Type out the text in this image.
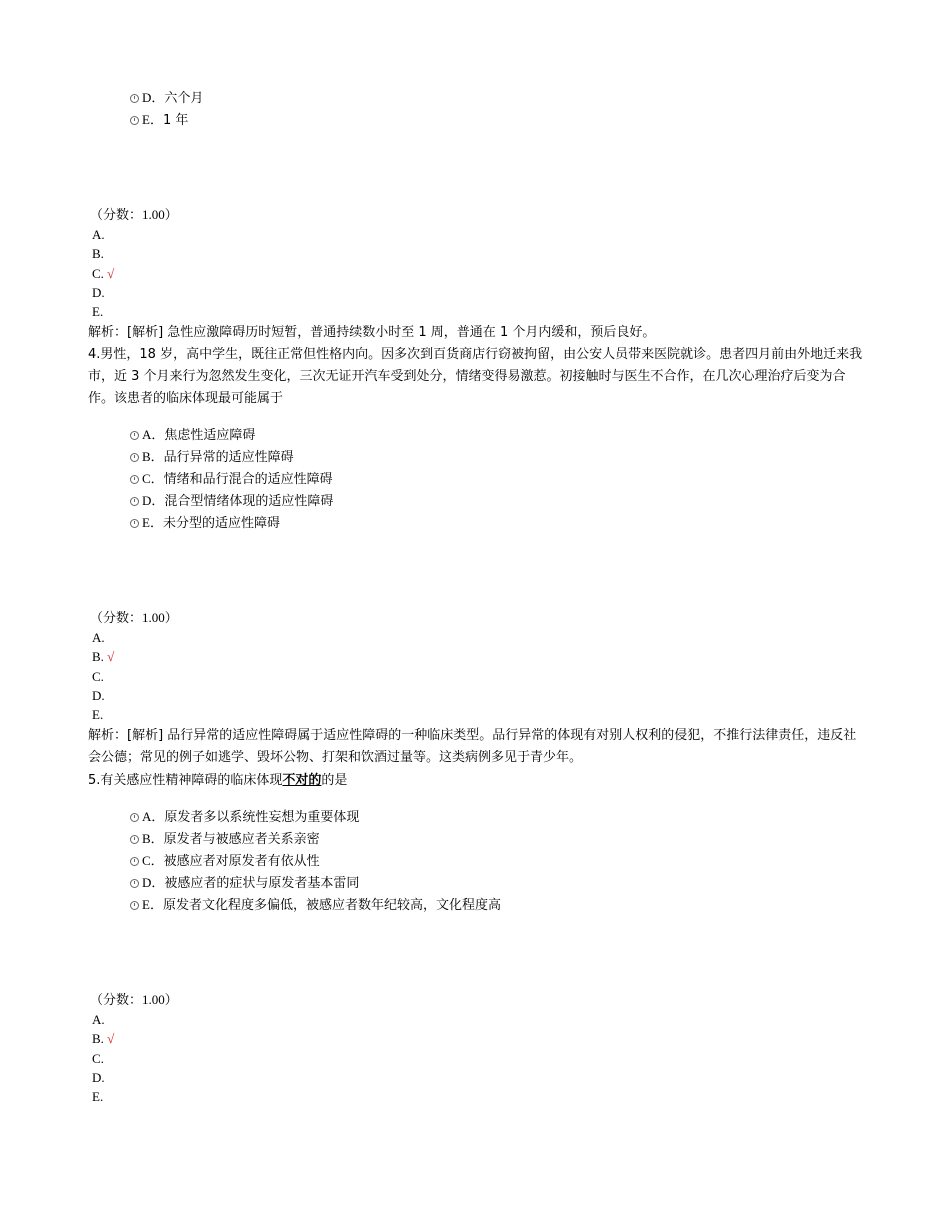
D．六个月
E．1 年
（分数：1.00）
A.
B.
C. √
D.
E.
解析：[解析] 急性应激障碍历时短暂，普通持续数小时至 1 周，普通在 1 个月内缓和，预后良好。
4.男性，18 岁，高中学生，既往正常但性格内向。因多次到百货商店行窃被拘留，由公安人员带来医院就诊。患者四月前由外地迁来我市，近 3 个月来行为忽然发生变化，三次无证开汽车受到处分，情绪变得易激惹。初接触时与医生不合作，在几次心理治疗后变为合作。该患者的临床体现最可能属于
A．焦虑性适应障碍
B．品行异常的适应性障碍
C．情绪和品行混合的适应性障碍
D．混合型情绪体现的适应性障碍
E．未分型的适应性障碍
（分数：1.00）
A.
B. √
C.
D.
E.
解析：[解析] 品行异常的适应性障碍属于适应性障碍的一种临床类型。品行异常的体现有对别人权利的侵犯，不推行法律责任，违反社会公德；常见的例子如逃学、毁坏公物、打架和饮酒过量等。这类病例多见于青少年。
5.有关感应性精神障碍的临床体现不对的的是
A．原发者多以系统性妄想为重要体现
B．原发者与被感应者关系亲密
C．被感应者对原发者有依从性
D．被感应者的症状与原发者基本雷同
E．原发者文化程度多偏低，被感应者数年纪较高，文化程度高
（分数：1.00）
A.
B. √
C.
D.
E.
